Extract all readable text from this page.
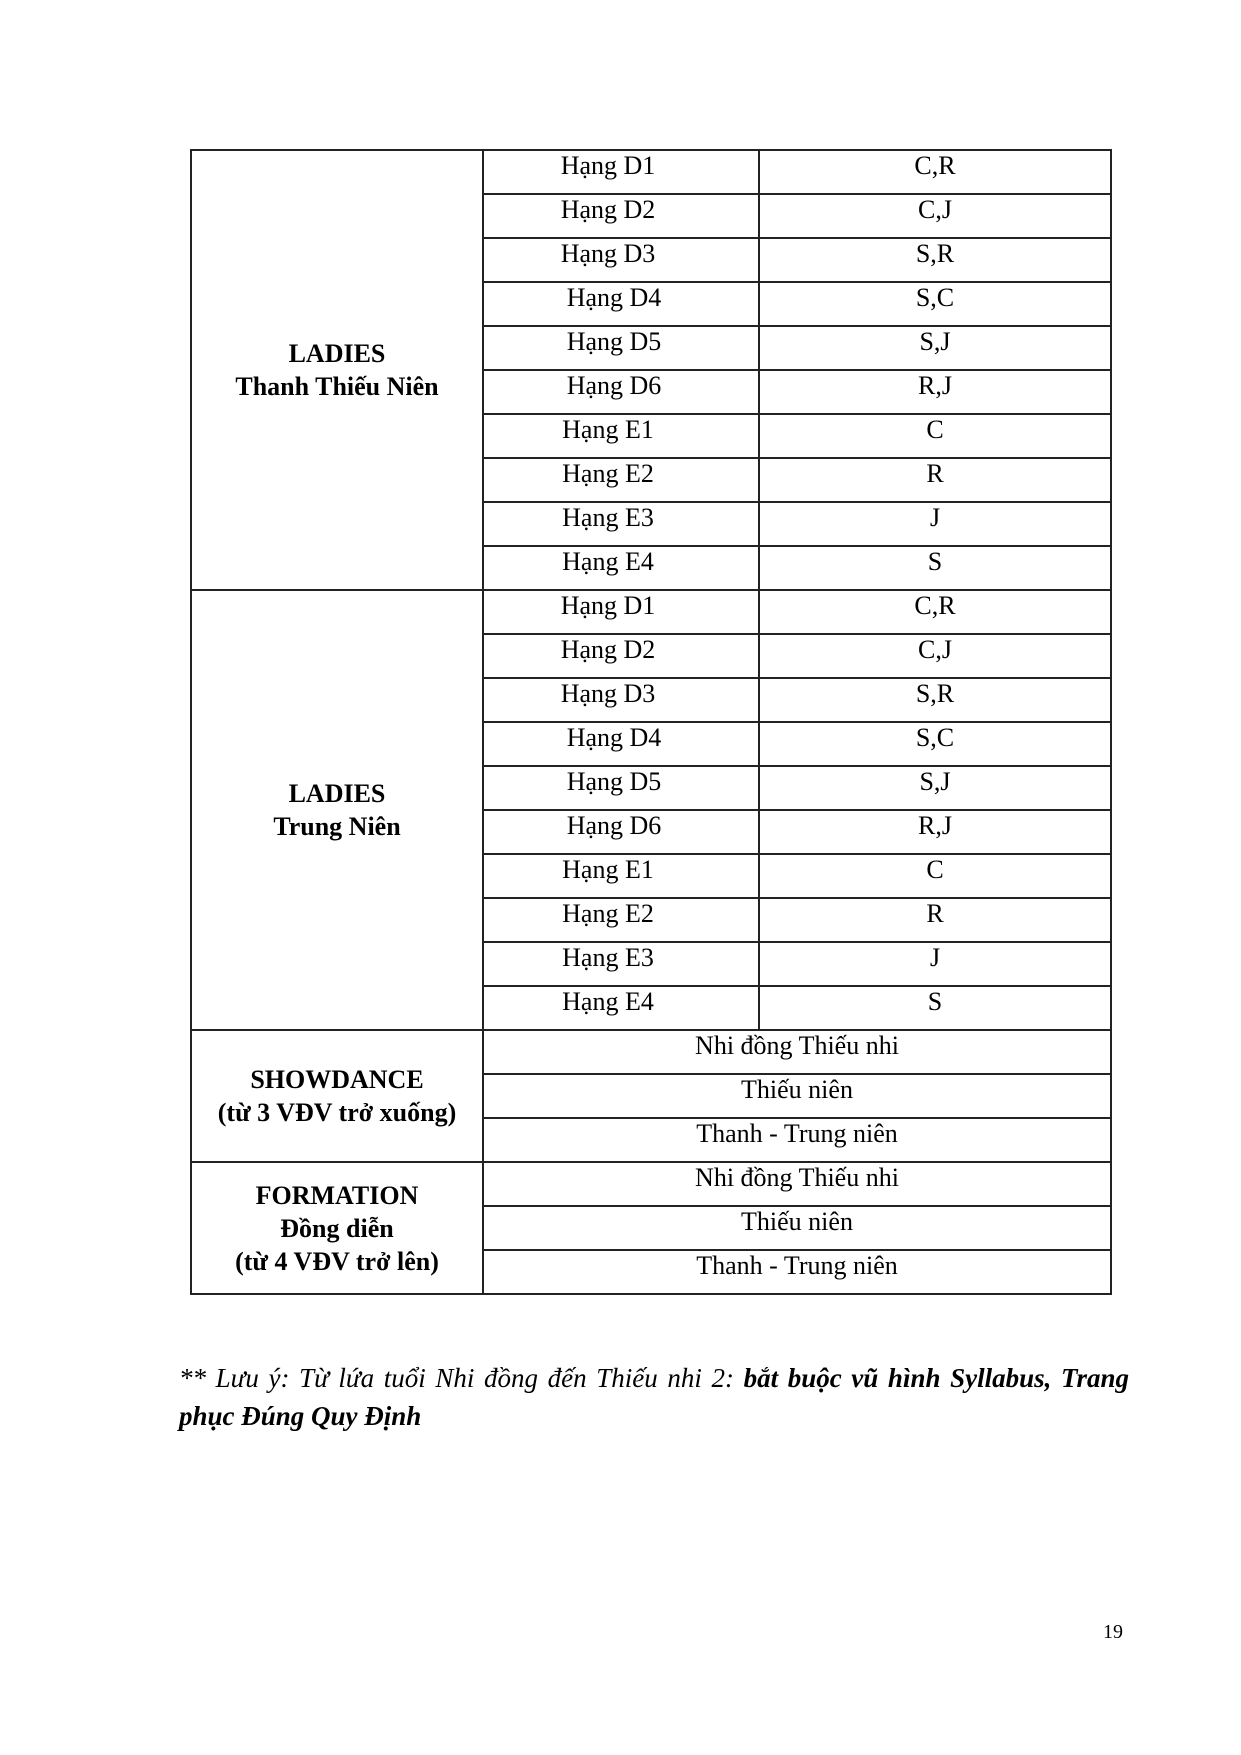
LADIES
Thanh Thiếu Niên	Hạng D1	C,R
	Hạng D2	C,J
	Hạng D3	S,R
	Hạng D4	S,C
	Hạng D5	S,J
	Hạng D6	R,J
	Hạng E1	C
	Hạng E2	R
	Hạng E3	J
	Hạng E4	S

LADIES
Trung Niên	Hạng D1	C,R
	Hạng D2	C,J
	Hạng D3	S,R
	Hạng D4	S,C
	Hạng D5	S,J
	Hạng D6	R,J
	Hạng E1	C
	Hạng E2	R
	Hạng E3	J
	Hạng E4	S

SHOWDANCE
(từ 3 VĐV trở xuống)	Nhi đồng Thiếu nhi	
	Thiếu niên	
	Thanh - Trung niên	

FORMATION
Đồng diễn
(từ 4 VĐV trở lên)	Nhi đồng Thiếu nhi	
	Thiếu niên	
	Thanh - Trung niên	

** Lưu ý: Từ lứa tuổi Nhi đồng đến Thiếu nhi 2: bắt buộc vũ hình Syllabus, Trang phục Đúng Quy Định

19
